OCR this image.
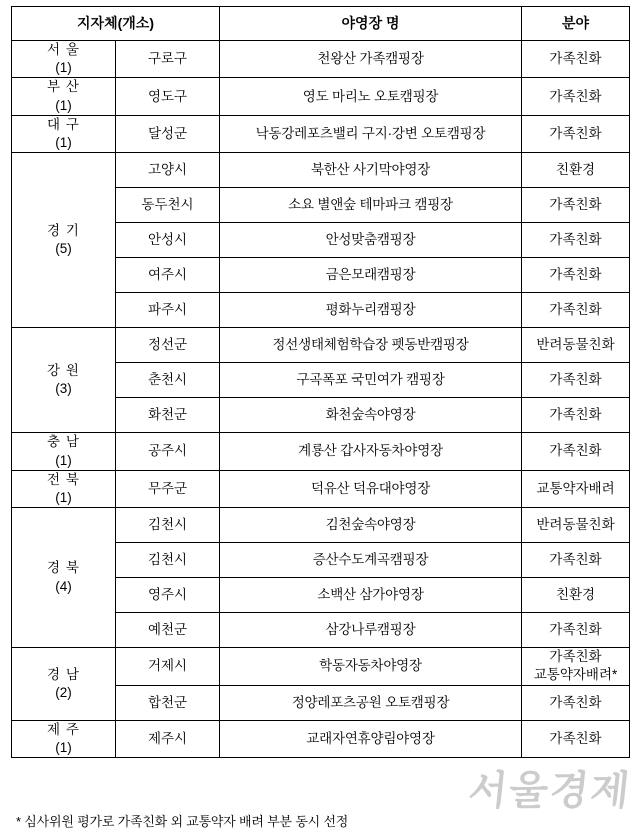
지자체(개소)		야영장 명	분야

서 울
(1)	구로구	천왕산 가족캠핑장	가족친화

부 산
(1)	영도구	영도 마리노 오토캠핑장	가족친화

대 구
(1)	달성군	낙동강레포츠밸리 구지·강변 오토캠핑장	가족친화

경 기
(5)	고양시	북한산 사기막야영장	친환경

	동두천시	소요 별앤숲 테마파크 캠핑장	가족친화

	안성시	안성맞춤캠핑장	가족친화

	여주시	금은모래캠핑장	가족친화

	파주시	평화누리캠핑장	가족친화

강 원
(3)	정선군	정선생태체험학습장 펫동반캠핑장	반려동물친화

	춘천시	구곡폭포 국민여가 캠핑장	가족친화

	화천군	화천숲속야영장	가족친화

충 남
(1)	공주시	계룡산 갑사자동차야영장	가족친화

전 북
(1)	무주군	덕유산 덕유대야영장	교통약자배려

경 북
(4)	김천시	김천숲속야영장	반려동물친화

	김천시	증산수도계곡캠핑장	가족친화

	영주시	소백산 삼가야영장	친환경

	예천군	삼강나루캠핑장	가족친화

경 남
(2)	거제시	학동자동차야영장	가족친화
교통약자배려*

	합천군	정양레포츠공원 오토캠핑장	가족친화

제 주
(1)	제주시	교래자연휴양림야영장	가족친화
* 심사위원 평가로 가족친화 외 교통약자 배려 부분 동시 선정
서울경제
